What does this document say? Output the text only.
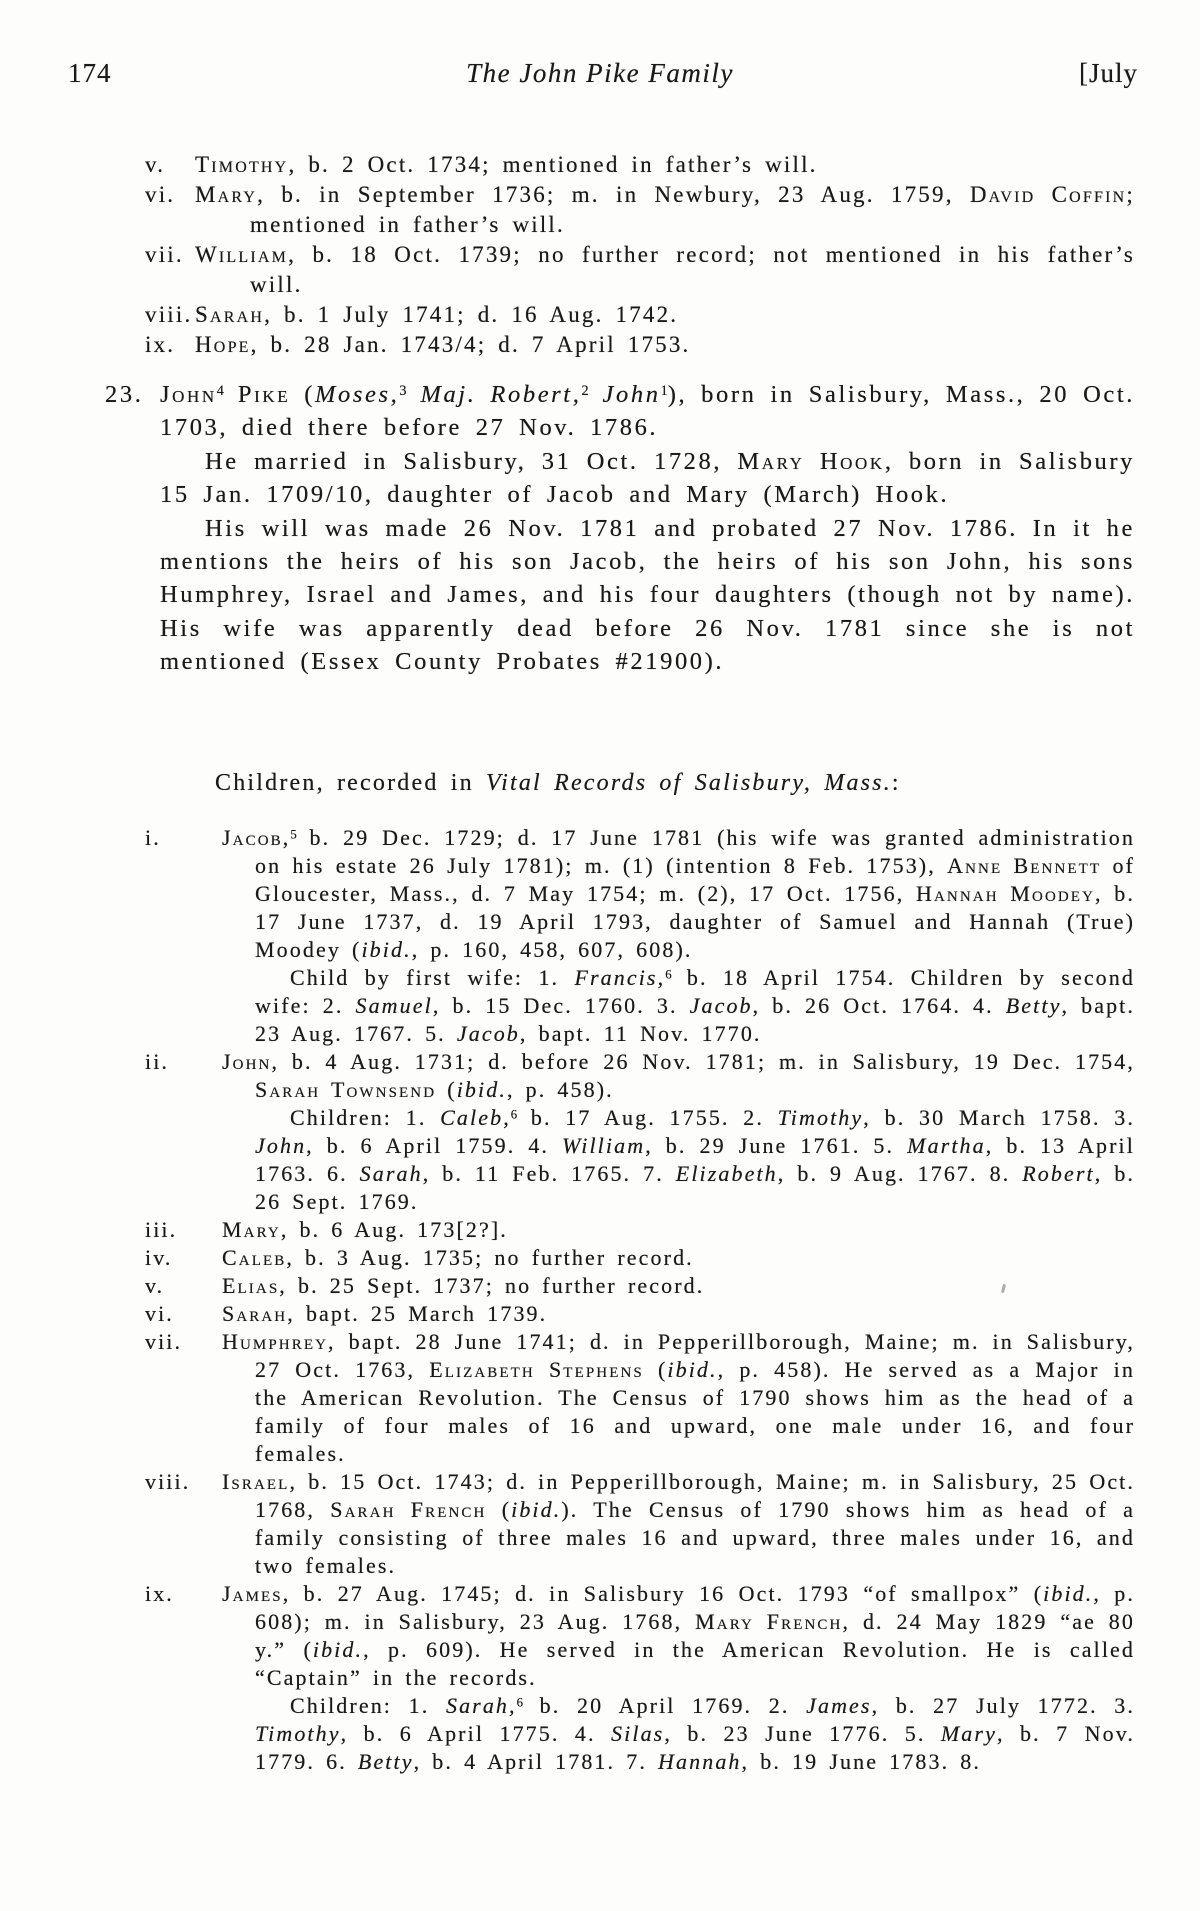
174	The John Pike Family	[July
v. Timothy, b. 2 Oct. 1734; mentioned in father’s will.
vi. Mary, b. in September 1736; m. in Newbury, 23 Aug. 1759, David Coffin; mentioned in father’s will.
vii. William, b. 18 Oct. 1739; no further record; not mentioned in his father’s will.
viii. Sarah, b. 1 July 1741; d. 16 Aug. 1742.
ix. Hope, b. 28 Jan. 1743/4; d. 7 April 1753.
23. John$^4$ Pike (Moses,$^3$ Maj. Robert,$^2$ John$^1$), born in Salisbury, Mass., 20 Oct. 1703, died there before 27 Nov. 1786.

He married in Salisbury, 31 Oct. 1728, Mary Hook, born in Salisbury 15 Jan. 1709/10, daughter of Jacob and Mary (March) Hook.

His will was made 26 Nov. 1781 and probated 27 Nov. 1786. In it he mentions the heirs of his son Jacob, the heirs of his son John, his sons Humphrey, Israel and James, and his four daughters (though not by name). His wife was apparently dead before 26 Nov. 1781 since she is not mentioned (Essex County Probates #21900).

Children, recorded in Vital Records of Salisbury, Mass.:

i.	Jacob,$^5$ b. 29 Dec. 1729; d. 17 June 1781 (his wife was granted administration on his estate 26 July 1781); m. (1) (intention 8 Feb. 1753), Anne Bennett of Gloucester, Mass., d. 7 May 1754; m. (2), 17 Oct. 1756, Hannah Moodey, b. 17 June 1737, d. 19 April 1793, daughter of Samuel and Hannah (True) Moodey (ibid., p. 160, 458, 607, 608).

Child by first wife: 1. Francis,$^6$ b. 18 April 1754. Children by second wife: 2. Samuel, b. 15 Dec. 1760. 3. Jacob, b. 26 Oct. 1764. 4. Betty, bapt. 23 Aug. 1767. 5. Jacob, bapt. 11 Nov. 1770.

ii. John, b. 4 Aug. 1731; d. before 26 Nov. 1781; m. in Salisbury, 19 Dec. 1754, Sarah Townsend (ibid., p. 458).

Children: 1. Caleb,$^6$ b. 17 Aug. 1755. 2. Timothy, b. 30 March 1758. 3. John, b. 6 April 1759. 4. William, b. 29 June 1761. 5. Martha, b. 13 April 1763. 6. Sarah, b. 11 Feb. 1765. 7. Elizabeth, b. 9 Aug. 1767. 8. Robert, b. 26 Sept. 1769.

iii. Mary, b. 6 Aug. 173[2?].

iv. Caleb, b. 3 Aug. 1735; no further record.

v.	Elias, b. 25 Sept. 1737; no further record.

vi. Sarah, bapt. 25 March 1739.

vii. Humphrey, bapt. 28 June 1741; d. in Pepperillborough, Maine; m. in Salisbury, 27 Oct. 1763, Elizabeth Stephens (ibid., p. 458). He served as a Major in the American Revolution. The Census of 1790 shows him as the head of a family of four males of 16 and upward, one male under 16, and four females.

viii. Israel, b. 15 Oct. 1743; d. in Pepperillborough, Maine; m. in Salisbury, 25 Oct. 1768, Sarah French (ibid.). The Census of 1790 shows him as head of a family consisting of three males 16 and upward, three males under 16, and two females.

ix. James, b. 27 Aug. 1745; d. in Salisbury 16 Oct. 1793 “of smallpox” (ibid., p. 608); m. in Salisbury, 23 Aug. 1768, Mary French, d. 24 May 1829 “ae 80 y.” (ibid., p. 609). He served in the American Revolution. He is called “Captain” in the records.

Children: 1. Sarah,$^6$ b. 20 April 1769. 2. James, b. 27 July 1772. 3. Timothy, b. 6 April 1775. 4. Silas, b. 23 June 1776. 5. Mary, b. 7 Nov. 1779. 6. Betty, b. 4 April 1781. 7. Hannah, b. 19 June 1783. 8.
